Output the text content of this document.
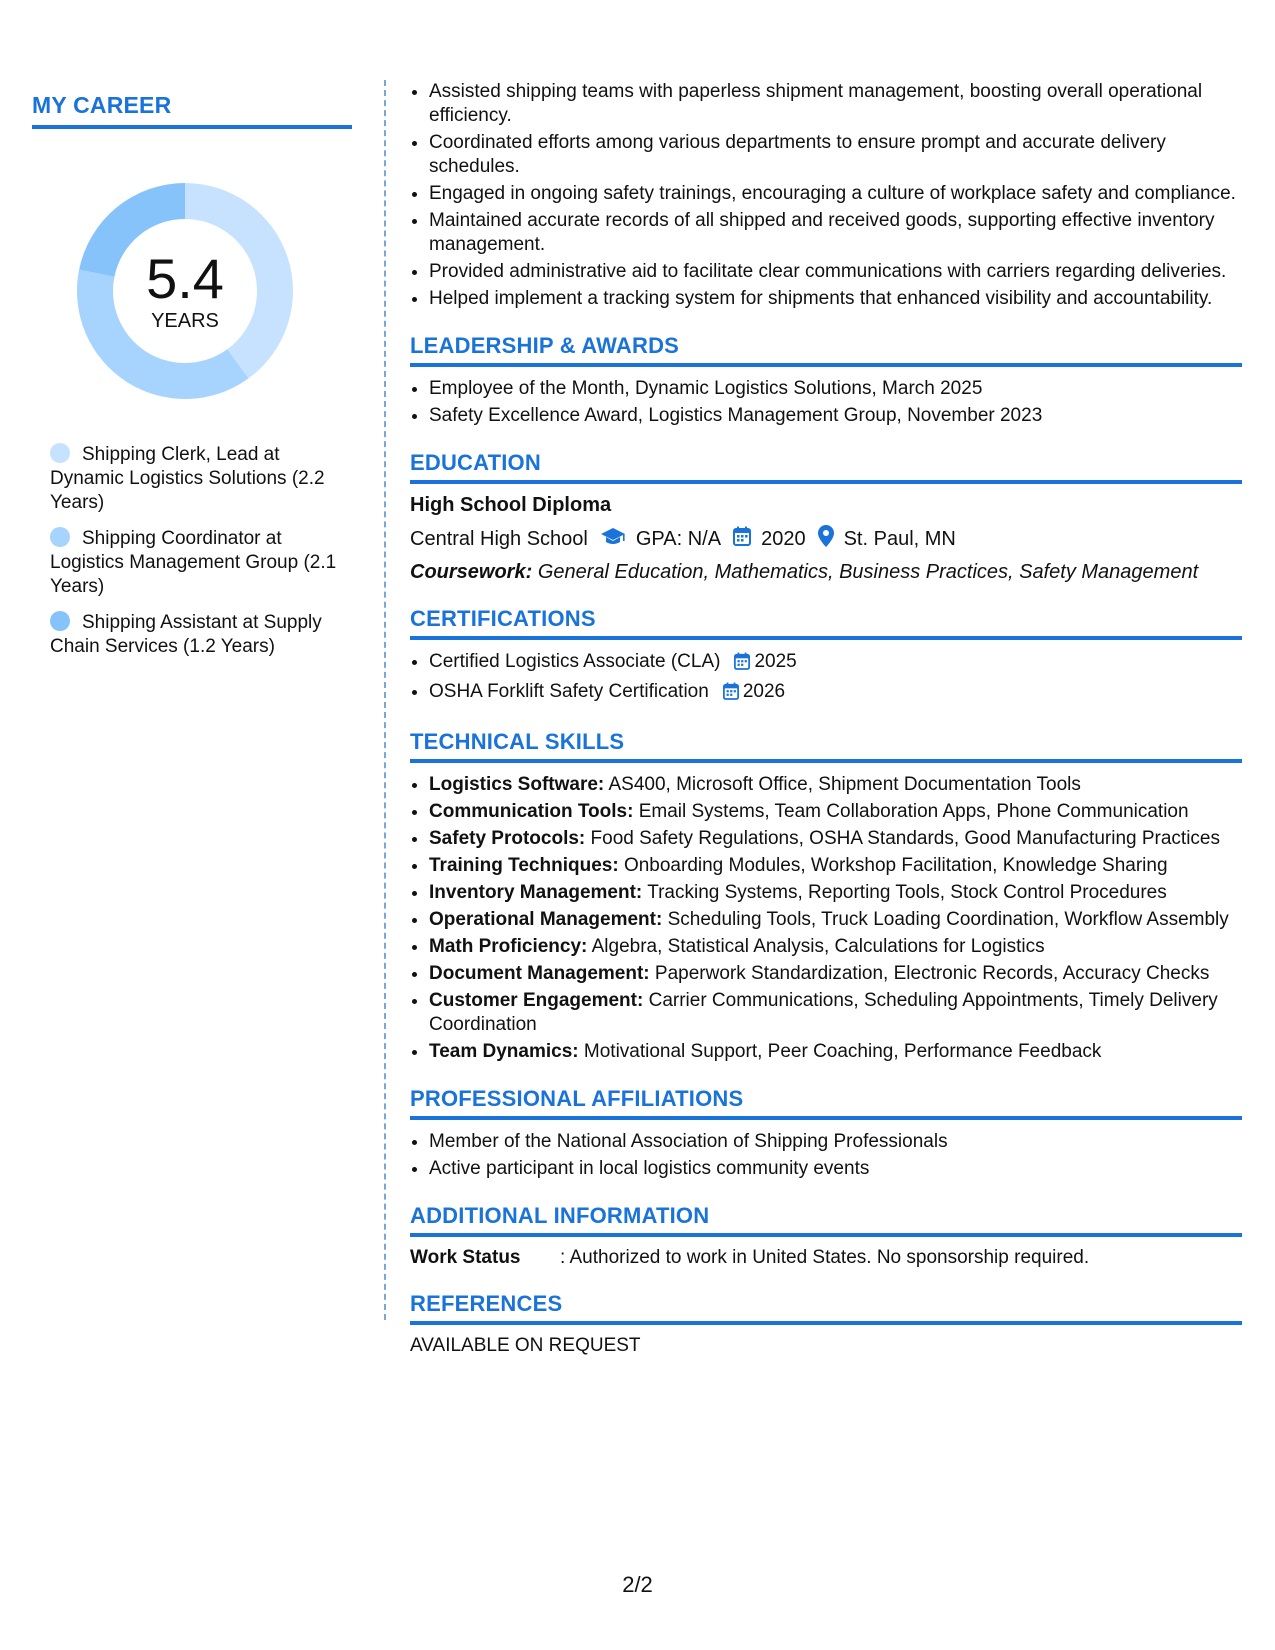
MY CAREER
5.4
YEARS
Shipping Clerk, Lead at Dynamic Logistics Solutions (2.2 Years)
Shipping Coordinator at Logistics Management Group (2.1 Years)
Shipping Assistant at Supply Chain Services (1.2 Years)
• Assisted shipping teams with paperless shipment management, boosting overall operational efficiency.
• Coordinated efforts among various departments to ensure prompt and accurate delivery schedules.
• Engaged in ongoing safety trainings, encouraging a culture of workplace safety and compliance.
• Maintained accurate records of all shipped and received goods, supporting effective inventory management.
• Provided administrative aid to facilitate clear communications with carriers regarding deliveries.
• Helped implement a tracking system for shipments that enhanced visibility and accountability.
LEADERSHIP & AWARDS
• Employee of the Month, Dynamic Logistics Solutions, March 2025
• Safety Excellence Award, Logistics Management Group, November 2023
EDUCATION
High School Diploma
Central High School GPA: N/A 2020 St. Paul, MN
Coursework: General Education, Mathematics, Business Practices, Safety Management
CERTIFICATIONS
• Certified Logistics Associate (CLA) 2025
• OSHA Forklift Safety Certification 2026
TECHNICAL SKILLS
• Logistics Software: AS400, Microsoft Office, Shipment Documentation Tools
• Communication Tools: Email Systems, Team Collaboration Apps, Phone Communication
• Safety Protocols: Food Safety Regulations, OSHA Standards, Good Manufacturing Practices
• Training Techniques: Onboarding Modules, Workshop Facilitation, Knowledge Sharing
• Inventory Management: Tracking Systems, Reporting Tools, Stock Control Procedures
• Operational Management: Scheduling Tools, Truck Loading Coordination, Workflow Assembly
• Math Proficiency: Algebra, Statistical Analysis, Calculations for Logistics
• Document Management: Paperwork Standardization, Electronic Records, Accuracy Checks
• Customer Engagement: Carrier Communications, Scheduling Appointments, Timely Delivery Coordination
• Team Dynamics: Motivational Support, Peer Coaching, Performance Feedback
PROFESSIONAL AFFILIATIONS
• Member of the National Association of Shipping Professionals
• Active participant in local logistics community events
ADDITIONAL INFORMATION
Work Status	: Authorized to work in United States. No sponsorship required.
REFERENCES
AVAILABLE ON REQUEST
2/2
